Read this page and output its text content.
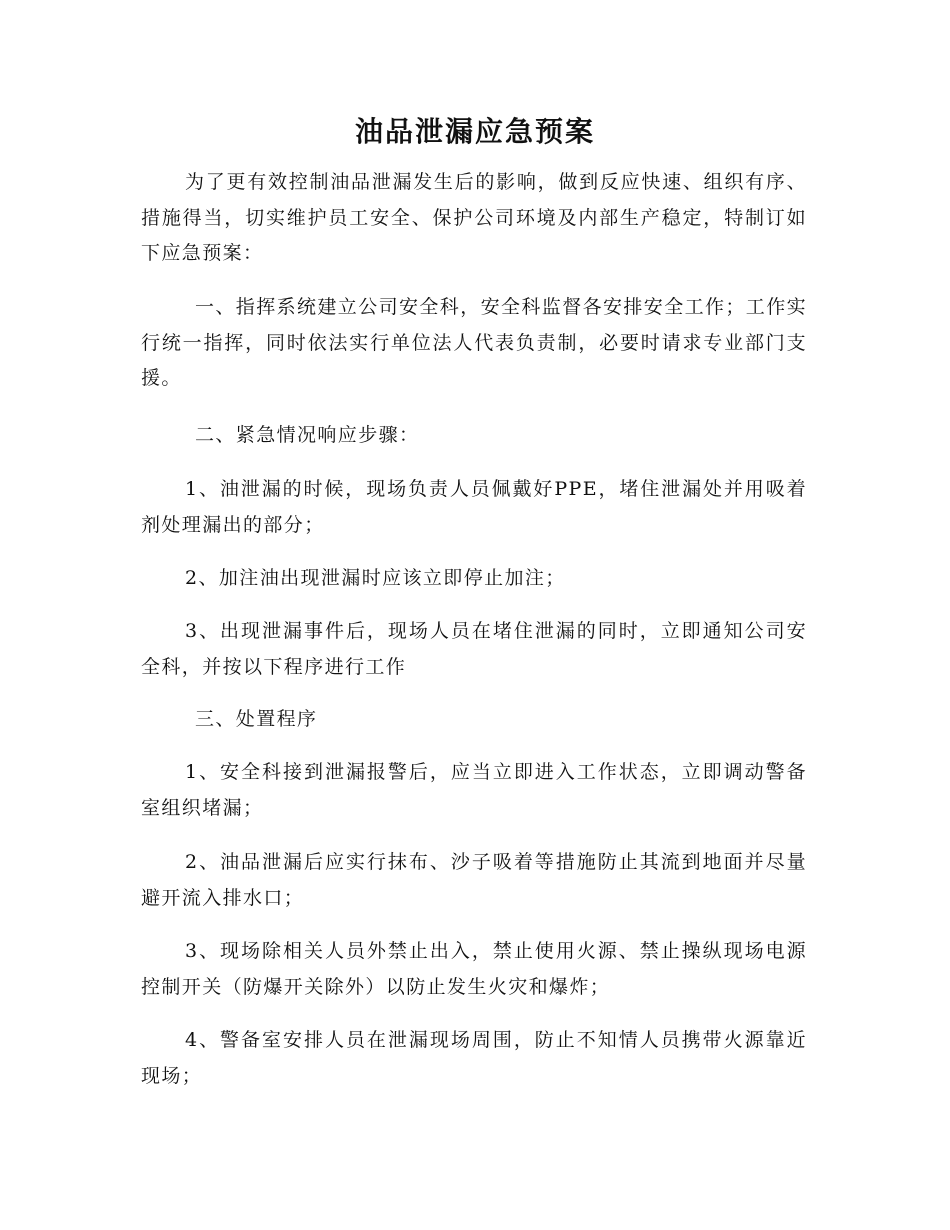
油品泄漏应急预案

为了更有效控制油品泄漏发生后的影响，做到反应快速、组织有序、措施得当，切实维护员工安全、保护公司环境及内部生产稳定，特制订如下应急预案：

一、指挥系统建立公司安全科，安全科监督各安排安全工作；工作实行统一指挥，同时依法实行单位法人代表负责制，必要时请求专业部门支援。

二、紧急情况响应步骤：

1、油泄漏的时候，现场负责人员佩戴好PPE，堵住泄漏处并用吸着剂处理漏出的部分；

2、加注油出现泄漏时应该立即停止加注；

3、出现泄漏事件后，现场人员在堵住泄漏的同时，立即通知公司安全科，并按以下程序进行工作

三、处置程序

1、安全科接到泄漏报警后，应当立即进入工作状态，立即调动警备室组织堵漏；

2、油品泄漏后应实行抹布、沙子吸着等措施防止其流到地面并尽量避开流入排水口；

3、现场除相关人员外禁止出入，禁止使用火源、禁止操纵现场电源控制开关（防爆开关除外）以防止发生火灾和爆炸；

4、警备室安排人员在泄漏现场周围，防止不知情人员携带火源靠近现场；
